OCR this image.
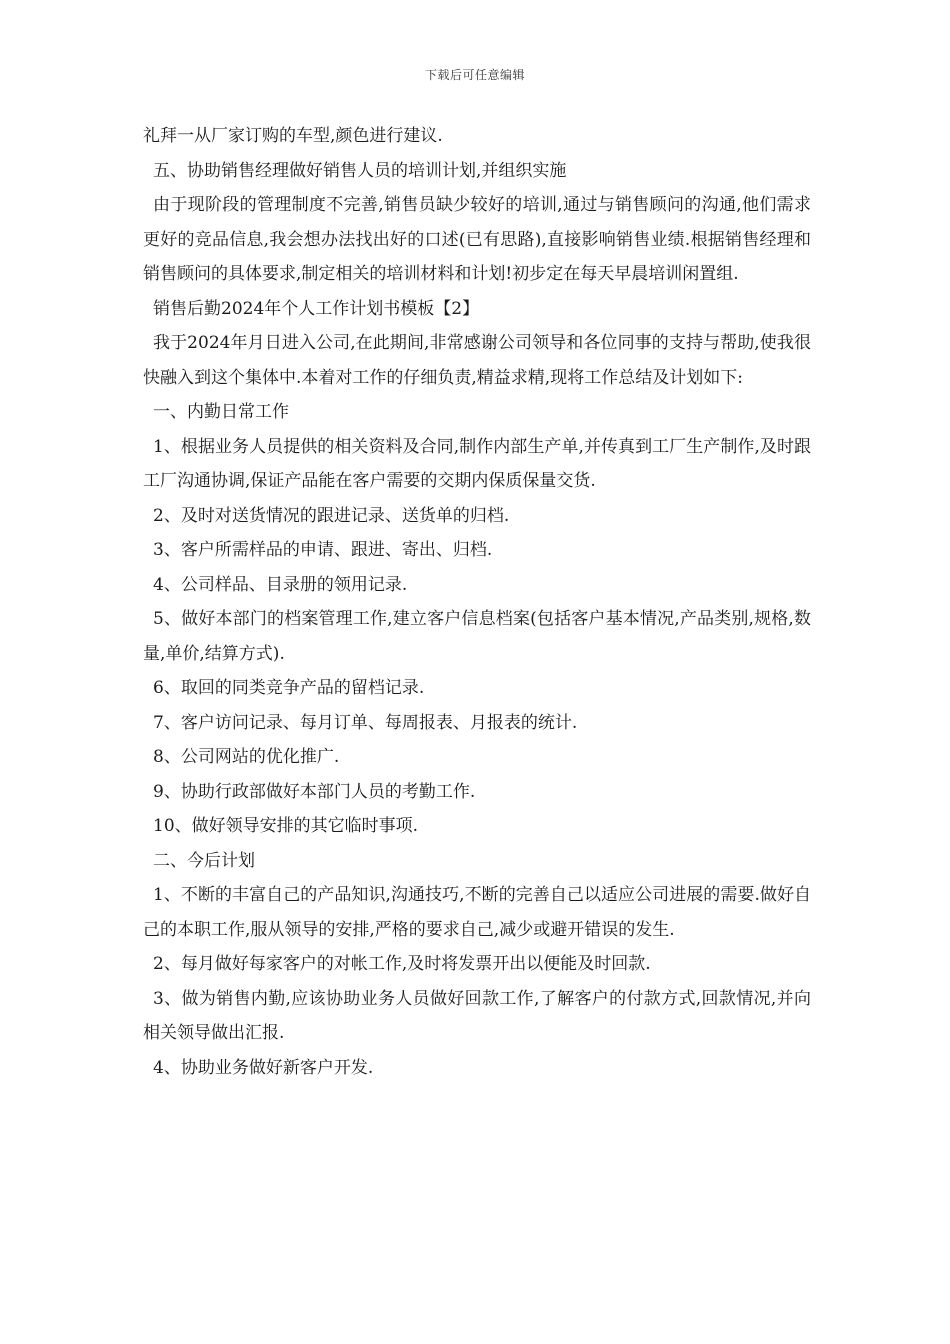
下载后可任意编辑

礼拜一从厂家订购的车型,颜色进行建议.

五、协助销售经理做好销售人员的培训计划,并组织实施

由于现阶段的管理制度不完善,销售员缺少较好的培训,通过与销售顾问的沟通,他们需求更好的竞品信息,我会想办法找出好的口述(已有思路),直接影响销售业绩.根据销售经理和销售顾问的具体要求,制定相关的培训材料和计划!初步定在每天早晨培训闲置组.

销售后勤2024年个人工作计划书模板【2】

我于2024年月日进入公司,在此期间,非常感谢公司领导和各位同事的支持与帮助,使我很快融入到这个集体中.本着对工作的仔细负责,精益求精,现将工作总结及计划如下:

一、内勤日常工作

1、根据业务人员提供的相关资料及合同,制作内部生产单,并传真到工厂生产制作,及时跟工厂沟通协调,保证产品能在客户需要的交期内保质保量交货.

2、及时对送货情况的跟进记录、送货单的归档.

3、客户所需样品的申请、跟进、寄出、归档.

4、公司样品、目录册的领用记录.

5、做好本部门的档案管理工作,建立客户信息档案(包括客户基本情况,产品类别,规格,数量,单价,结算方式).

6、取回的同类竞争产品的留档记录.

7、客户访问记录、每月订单、每周报表、月报表的统计.

8、公司网站的优化推广.

9、协助行政部做好本部门人员的考勤工作.

10、做好领导安排的其它临时事项.

二、今后计划

1、不断的丰富自己的产品知识,沟通技巧,不断的完善自己以适应公司进展的需要.做好自己的本职工作,服从领导的安排,严格的要求自己,减少或避开错误的发生.

2、每月做好每家客户的对帐工作,及时将发票开出以便能及时回款.

3、做为销售内勤,应该协助业务人员做好回款工作,了解客户的付款方式,回款情况,并向相关领导做出汇报.

4、协助业务做好新客户开发.
